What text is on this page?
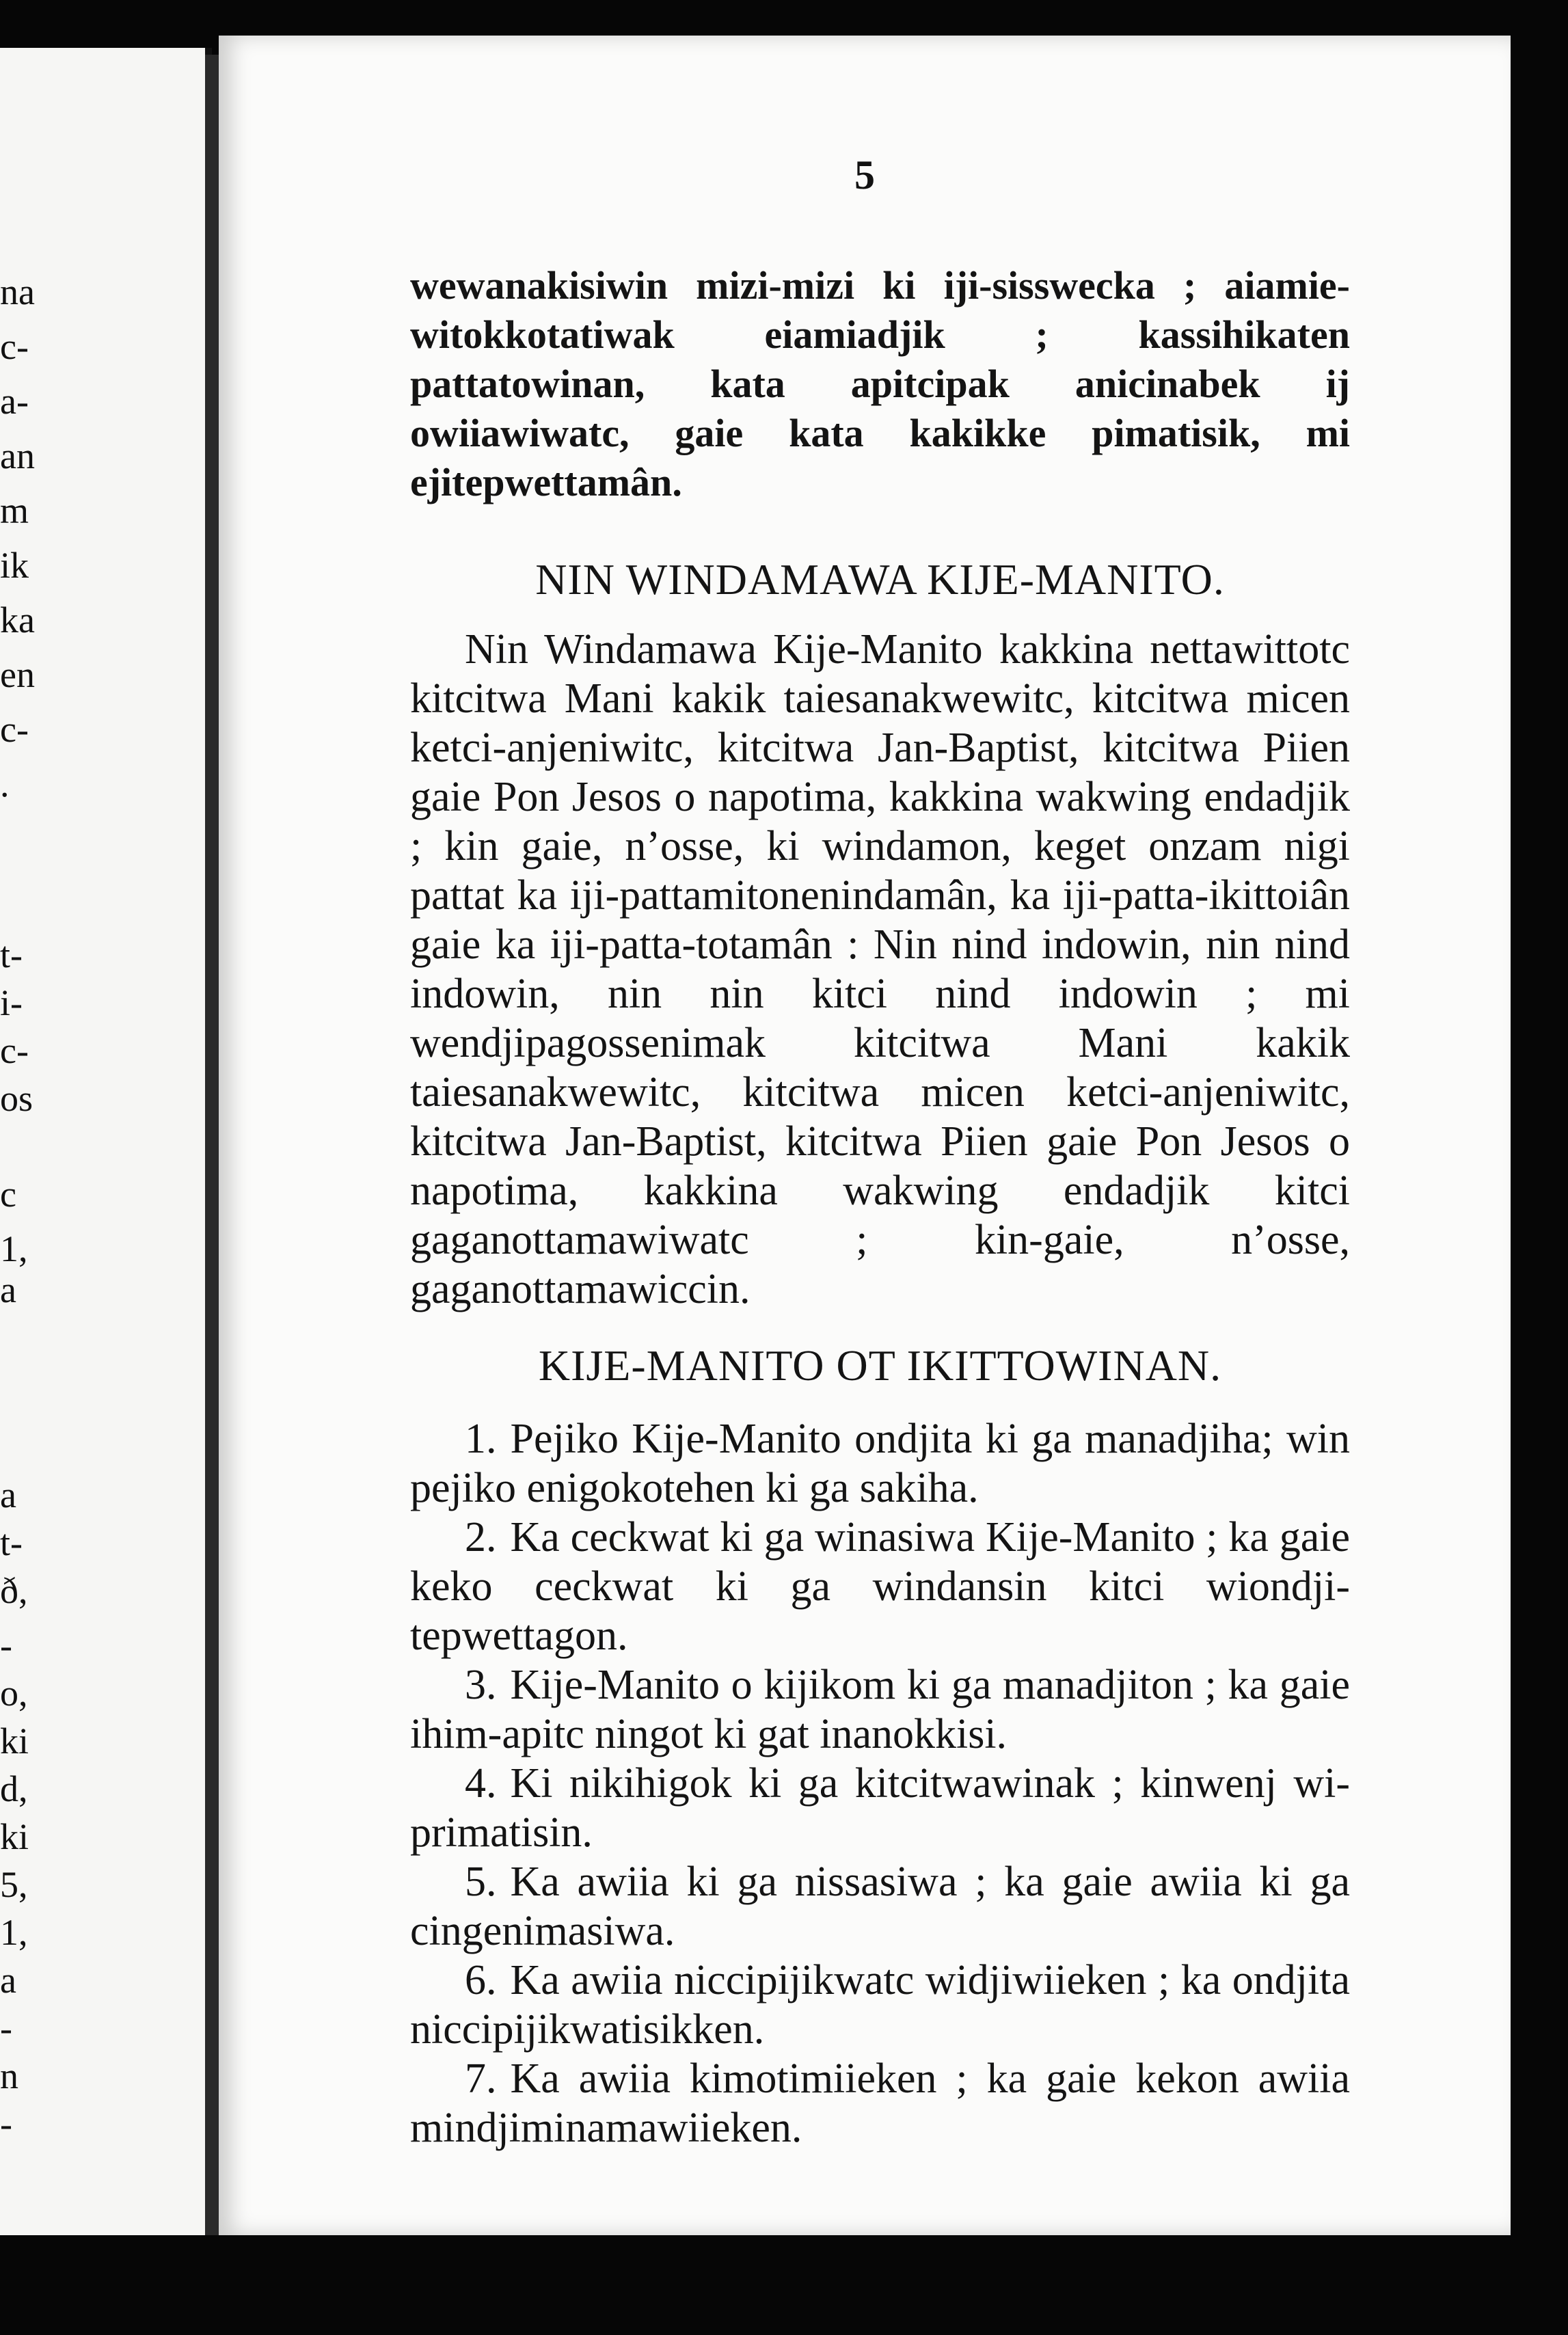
na
c-
a-
an
m
ik
ka
en
c-
.
t-
i-
c-
os
c
1,
a
a
t-
ð,
-
o,
ki
d,
ki
5,
1,
a
-
n
-
5

wewanakisiwin mizi-mizi ki iji-sisswecka ; aiamie-witokkotatiwak eiamiadjik ; kassihikaten pattatowinan, kata apitcipak anicinabek ij owiiawiwatc, gaie kata kakikke pimatisik, mi ejitepwettamân.

NIN WINDAMAWA KIJE-MANITO.

Nin Windamawa Kije-Manito kakkina nettawittotc kitcitwa Mani kakik taiesanakwewitc, kitcitwa micen ketci-anjeniwitc, kitcitwa Jan-Baptist, kitcitwa Piien gaie Pon Jesos o napotima, kakkina wakwing endadjik ; kin gaie, n’osse, ki windamon, keget onzam nigi pattat ka iji-pattamitonenindamân, ka iji-patta-ikittoiân gaie ka iji-patta-totamân : Nin nind indowin, nin nind indowin, nin nin kitci nind indowin ; mi wendjipagossenimak kitcitwa Mani kakik taiesanakwewitc, kitcitwa micen ketci-anjeniwitc, kitcitwa Jan-Baptist, kitcitwa Piien gaie Pon Jesos o napotima, kakkina wakwing endadjik kitci gaganottamawiwatc ; kin-gaie, n’osse, gaganottamawiccin.

KIJE-MANITO OT IKITTOWINAN.

1. Pejiko Kije-Manito ondjita ki ga manadjiha; win pejiko enigokotehen ki ga sakiha.

2. Ka ceckwat ki ga winasiwa Kije-Manito ; ka gaie keko ceckwat ki ga windansin kitci wiondji-tepwettagon.

3. Kije-Manito o kijikom ki ga manadjiton ; ka gaie ihim-apitc ningot ki gat inanokkisi.

4. Ki nikihigok ki ga kitcitwawinak ; kinwenj wi-primatisin.

5. Ka awiia ki ga nissasiwa ; ka gaie awiia ki ga cingenimasiwa.

6. Ka awiia niccipijikwatc widjiwiieken ; ka ondjita niccipijikwatisikken.

7. Ka awiia kimotimiieken ; ka gaie kekon awiia mindjiminamawiieken.
